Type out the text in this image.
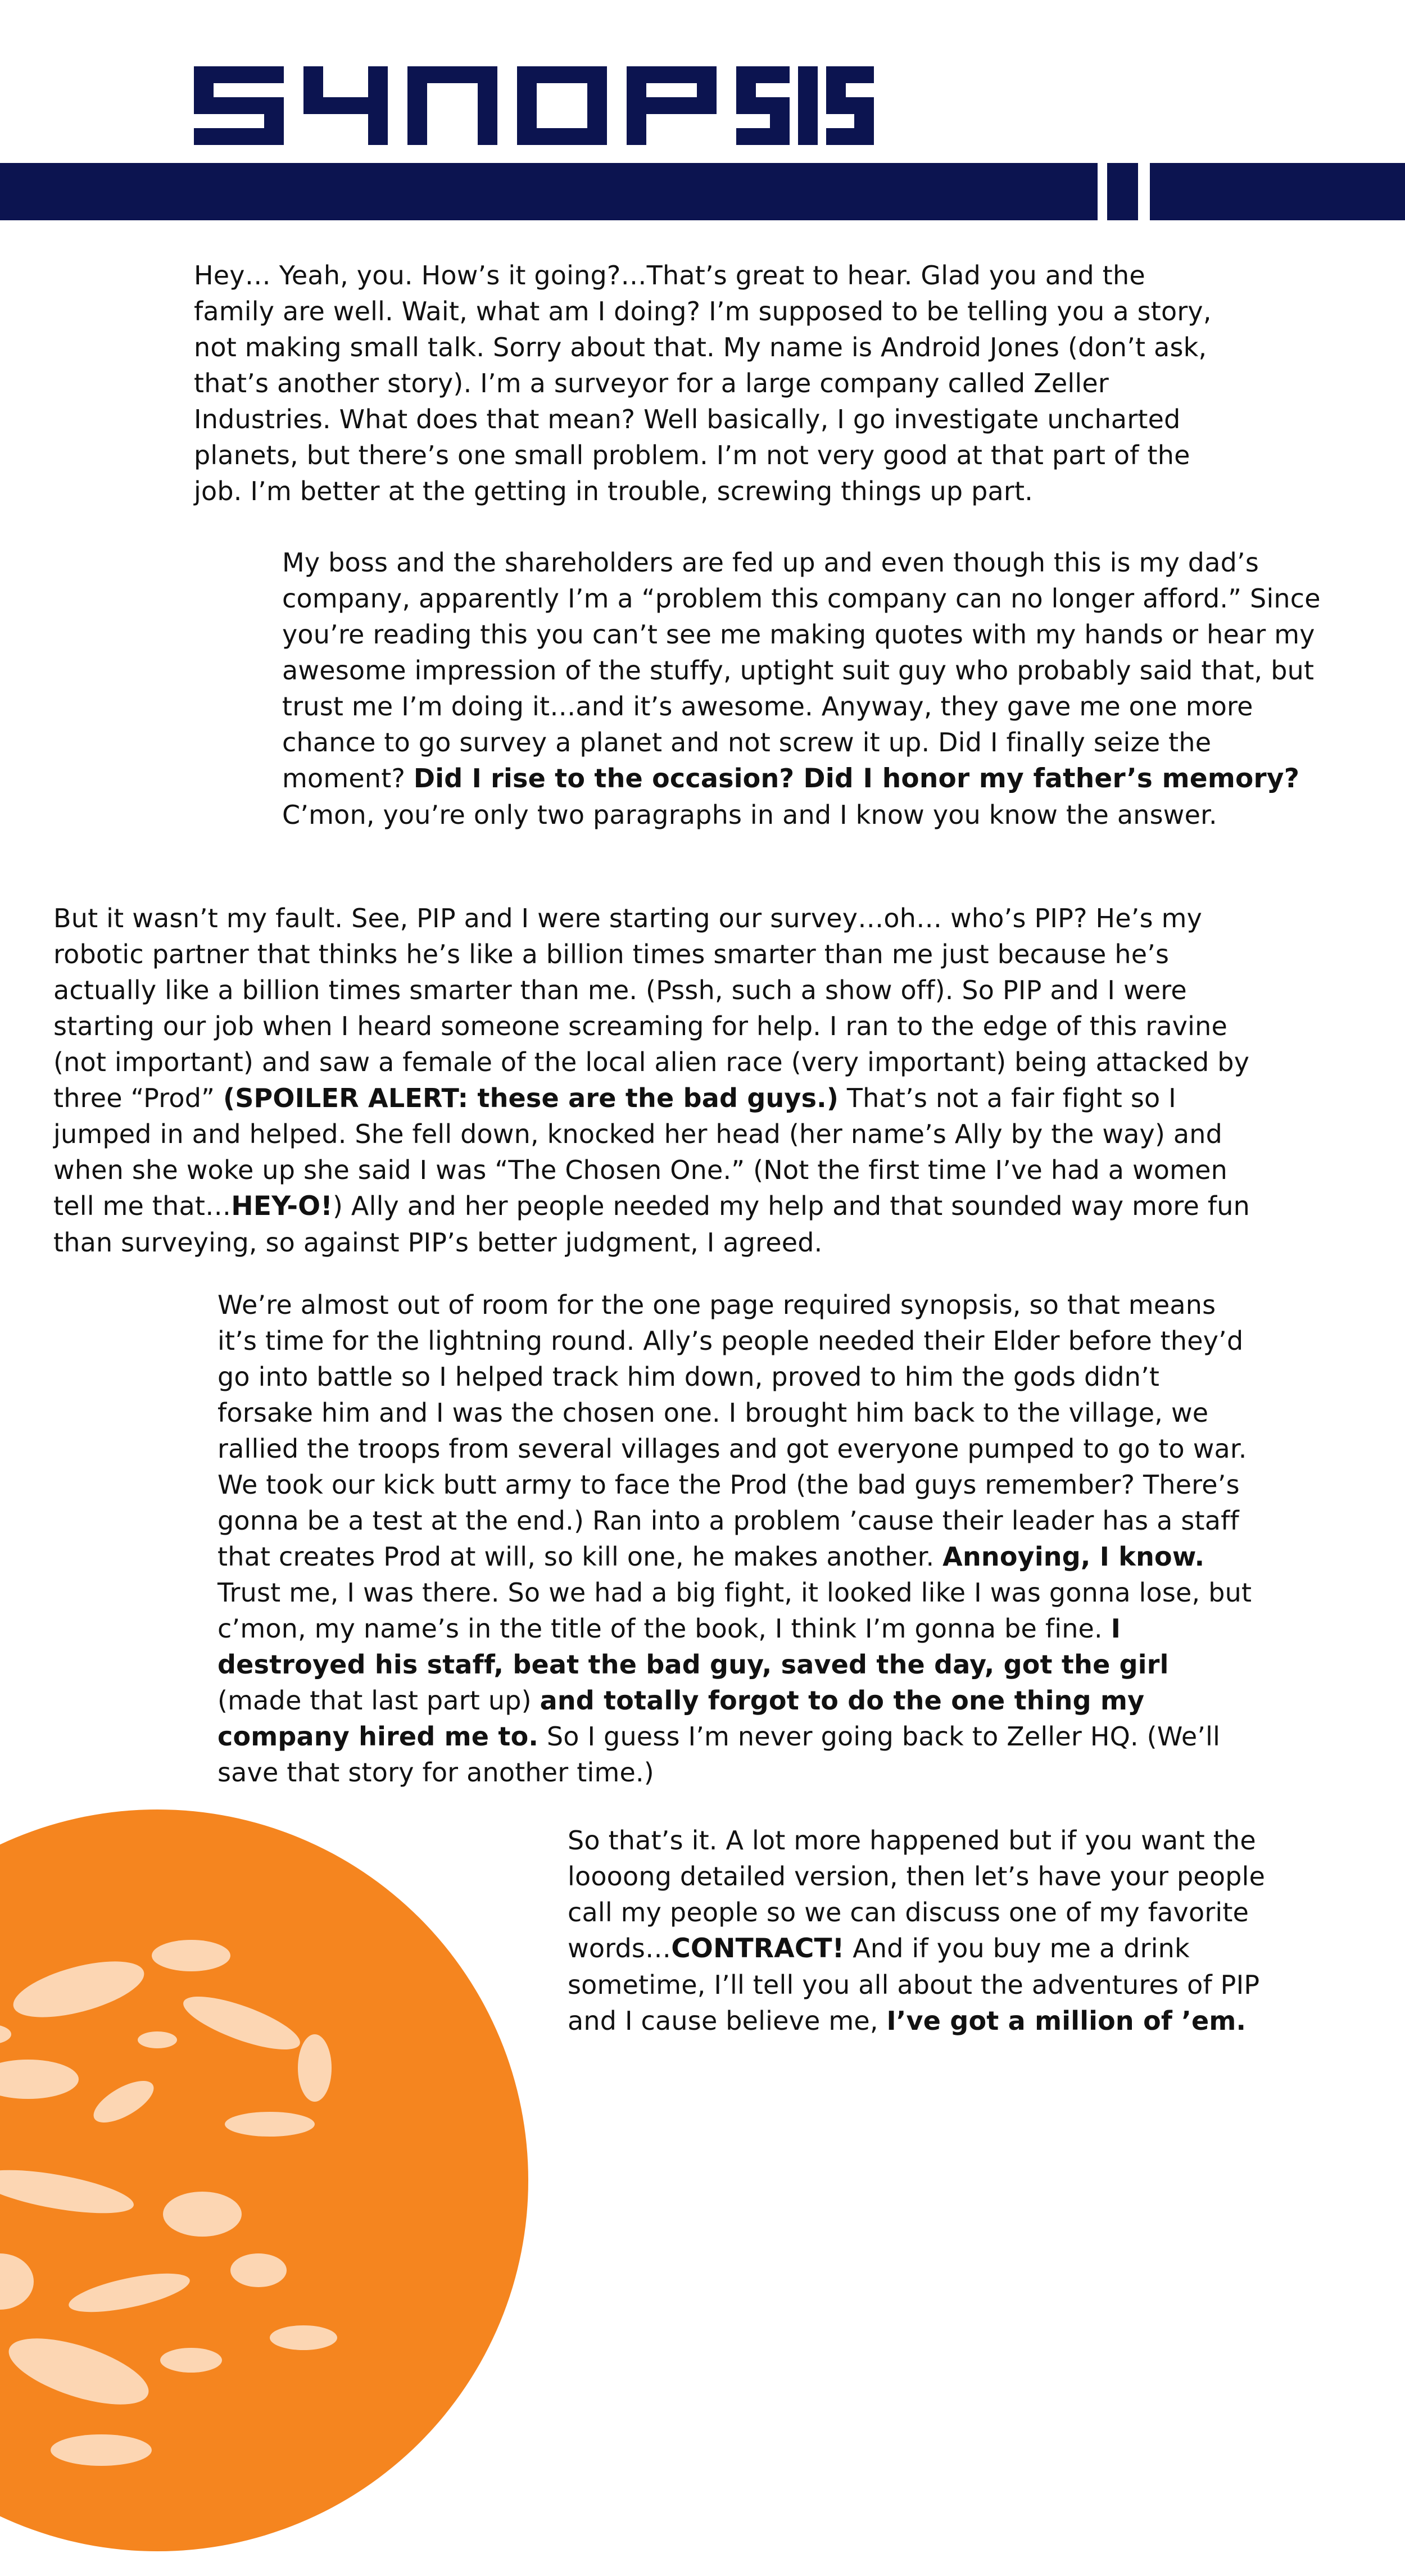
Hey… Yeah, you. How’s it going?…That’s great to hear. Glad you and the family are well. Wait, what am I doing? I’m supposed to be telling you a story, not making small talk. Sorry about that. My name is Android Jones (don’t ask, that’s another story). I’m a surveyor for a large company called Zeller Industries. What does that mean? Well basically, I go investigate uncharted planets, but there’s one small problem. I’m not very good at that part of the job. I’m better at the getting in trouble, screwing things up part.

My boss and the shareholders are fed up and even though this is my dad’s company, apparently I’m a “problem this company can no longer afford.” Since you’re reading this you can’t see me making quotes with my hands or hear my awesome impression of the stuffy, uptight suit guy who probably said that, but trust me I’m doing it…and it’s awesome. Anyway, they gave me one more chance to go survey a planet and not screw it up. Did I finally seize the moment? Did I rise to the occasion? Did I honor my father’s memory? C’mon, you’re only two paragraphs in and I know you know the answer.

But it wasn’t my fault. See, PIP and I were starting our survey…oh… who’s PIP? He’s my robotic partner that thinks he’s like a billion times smarter than me just because he’s actually like a billion times smarter than me. (Pssh, such a show off). So PIP and I were starting our job when I heard someone screaming for help. I ran to the edge of this ravine (not important) and saw a female of the local alien race (very important) being attacked by three “Prod” (SPOILER ALERT: these are the bad guys.) That’s not a fair fight so I jumped in and helped. She fell down, knocked her head (her name’s Ally by the way) and when she woke up she said I was “The Chosen One.” (Not the first time I’ve had a women tell me that…HEY-O!) Ally and her people needed my help and that sounded way more fun than surveying, so against PIP’s better judgment, I agreed.

We’re almost out of room for the one page required synopsis, so that means it’s time for the lightning round. Ally’s people needed their Elder before they’d go into battle so I helped track him down, proved to him the gods didn’t forsake him and I was the chosen one. I brought him back to the village, we rallied the troops from several villages and got everyone pumped to go to war. We took our kick butt army to face the Prod (the bad guys remember? There’s gonna be a test at the end.) Ran into a problem ’cause their leader has a staff that creates Prod at will, so kill one, he makes another. Annoying, I know. Trust me, I was there. So we had a big fight, it looked like I was gonna lose, but c’mon, my name’s in the title of the book, I think I’m gonna be fine. I destroyed his staff, beat the bad guy, saved the day, got the girl (made that last part up) and totally forgot to do the one thing my company hired me to. So I guess I’m never going back to Zeller HQ. (We’ll save that story for another time.)

So that’s it. A lot more happened but if you want the loooong detailed version, then let’s have your people call my people so we can discuss one of my favorite words…CONTRACT! And if you buy me a drink sometime, I’ll tell you all about the adventures of PIP and I cause believe me, I’ve got a million of ’em.
